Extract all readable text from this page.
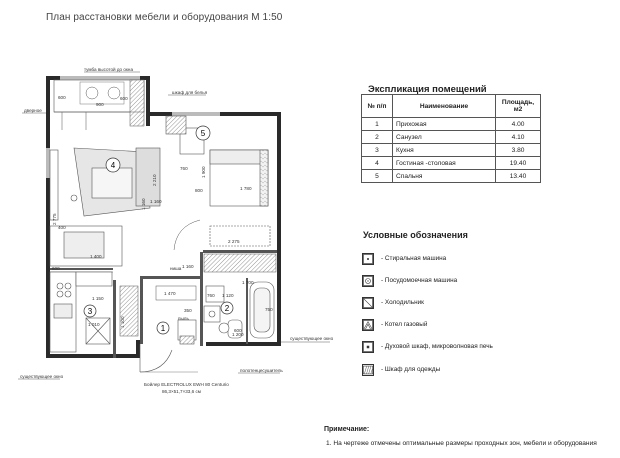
План расстановки мебели и оборудования М 1:50
1
2
3
4
5
600
900
600
1 160
2 210
1 160
2 775
400
1 400
1 900
1 780
800
760
2 275
600
1 150
1 010
1 470	760 1 120
750
1 100
1 160
350
600
1 700
1 200
тумба высотой до окна
шкаф для белья
дверное
ниша
пыль
существующее окно
существующее окно
полотенцесушитель
Бойлер ELECTROLUX EWH 80 Centurio
86,3×51,7×33,6 см
Экспликация помещений
№ п/п	Наименование	Площадь, м2
1	Прихожая	4.00
2	Санузел	4.10
3	Кухня	3.80
4	Гостиная -столовая	19.40
5	Спальня	13.40
Условные обозначения
- Стиральная машина
- Посудомоечная машина
- Холодильник
- Котел газовый
- Духовой шкаф, микроволновая печь
- Шкаф для одежды
Примечание:
1. На чертеже отмечены оптимальные размеры проходных зон, мебели и оборудования
